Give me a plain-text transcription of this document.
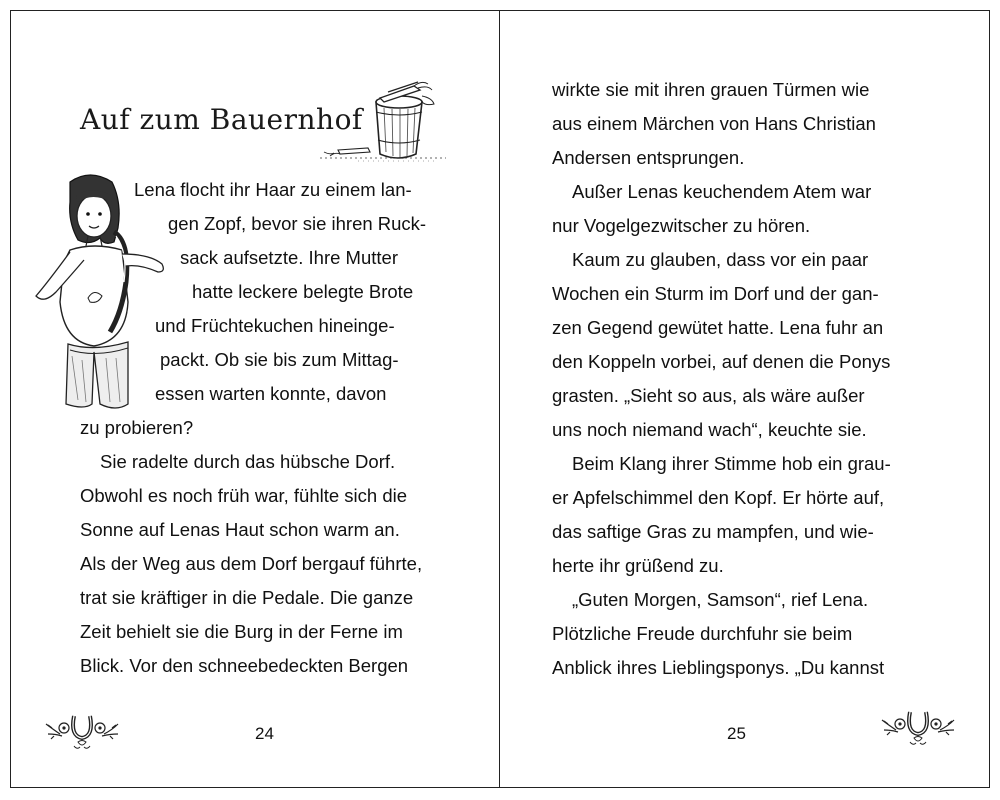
Auf zum Bauernhof
Lena flocht ihr Haar zu einem lan-
gen Zopf, bevor sie ihren Ruck-
sack aufsetzte. Ihre Mutter
hatte leckere belegte Brote
und Früchtekuchen hineinge-
packt. Ob sie bis zum Mittag-
essen warten konnte, davon
zu probieren?
Sie radelte durch das hübsche Dorf.
Obwohl es noch früh war, fühlte sich die
Sonne auf Lenas Haut schon warm an.
Als der Weg aus dem Dorf bergauf führte,
trat sie kräftiger in die Pedale. Die ganze
Zeit behielt sie die Burg in der Ferne im
Blick. Vor den schneebedeckten Bergen
24
wirkte sie mit ihren grauen Türmen wie
aus einem Märchen von Hans Christian
Andersen entsprungen.
Außer Lenas keuchendem Atem war
nur Vogelgezwitscher zu hören.
Kaum zu glauben, dass vor ein paar
Wochen ein Sturm im Dorf und der gan-
zen Gegend gewütet hatte. Lena fuhr an
den Koppeln vorbei, auf denen die Ponys
grasten. „Sieht so aus, als wäre außer
uns noch niemand wach“, keuchte sie.
Beim Klang ihrer Stimme hob ein grau-
er Apfelschimmel den Kopf. Er hörte auf,
das saftige Gras zu mampfen, und wie-
herte ihr grüßend zu.
„Guten Morgen, Samson“, rief Lena.
Plötzliche Freude durchfuhr sie beim
Anblick ihres Lieblingsponys. „Du kannst
25
